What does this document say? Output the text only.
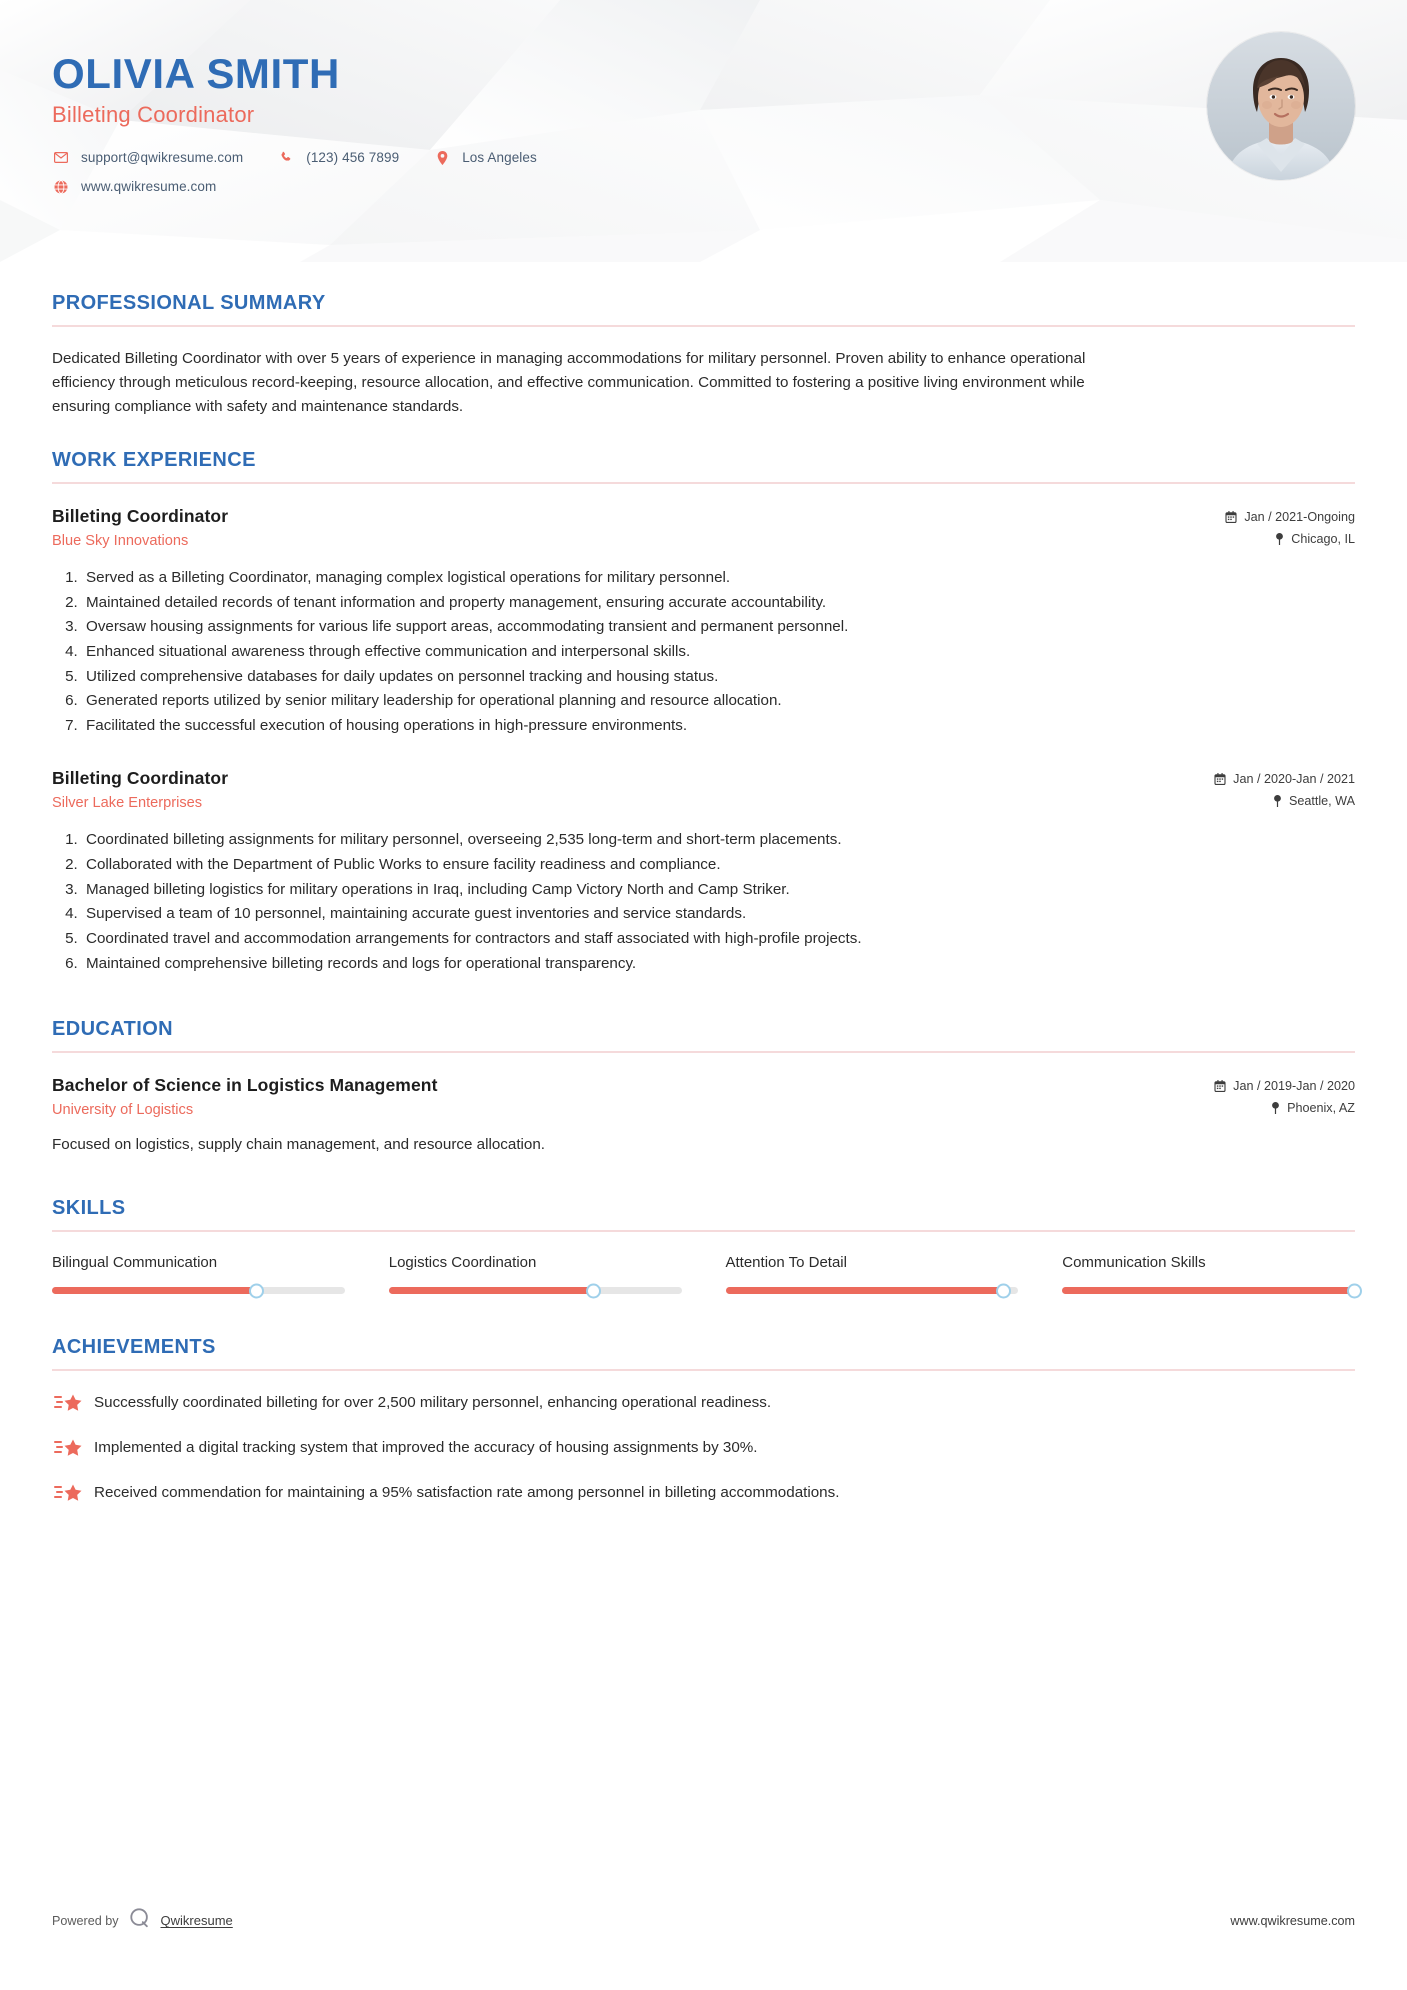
OLIVIA SMITH
Billeting Coordinator
support@qwikresume.com	(123) 456 7899	Los Angeles
www.qwikresume.com
PROFESSIONAL SUMMARY

Dedicated Billeting Coordinator with over 5 years of experience in managing accommodations for military personnel. Proven ability to enhance operational efficiency through meticulous record-keeping, resource allocation, and effective communication. Committed to fostering a positive living environment while ensuring compliance with safety and maintenance standards.

WORK EXPERIENCE
Billeting Coordinator
Blue Sky Innovations
Jan / 2021-Ongoing
Chicago, IL
1. Served as a Billeting Coordinator, managing complex logistical operations for military personnel.
2. Maintained detailed records of tenant information and property management, ensuring accurate accountability.
3. Oversaw housing assignments for various life support areas, accommodating transient and permanent personnel.
4. Enhanced situational awareness through effective communication and interpersonal skills.
5. Utilized comprehensive databases for daily updates on personnel tracking and housing status.
6. Generated reports utilized by senior military leadership for operational planning and resource allocation.
7. Facilitated the successful execution of housing operations in high-pressure environments.
Billeting Coordinator
Silver Lake Enterprises
Jan / 2020-Jan / 2021
Seattle, WA
1. Coordinated billeting assignments for military personnel, overseeing 2,535 long-term and short-term placements.
2. Collaborated with the Department of Public Works to ensure facility readiness and compliance.
3. Managed billeting logistics for military operations in Iraq, including Camp Victory North and Camp Striker.
4. Supervised a team of 10 personnel, maintaining accurate guest inventories and service standards.
5. Coordinated travel and accommodation arrangements for contractors and staff associated with high-profile projects.
6. Maintained comprehensive billeting records and logs for operational transparency.
EDUCATION
Bachelor of Science in Logistics Management
University of Logistics
Jan / 2019-Jan / 2020
Phoenix, AZ
Focused on logistics, supply chain management, and resource allocation.
SKILLS
Bilingual Communication	Logistics Coordination	Attention To Detail	Communication Skills
ACHIEVEMENTS
Successfully coordinated billeting for over 2,500 military personnel, enhancing operational readiness.
Implemented a digital tracking system that improved the accuracy of housing assignments by 30%.
Received commendation for maintaining a 95% satisfaction rate among personnel in billeting accommodations.
Powered by	Qwikresume	www.qwikresume.com
